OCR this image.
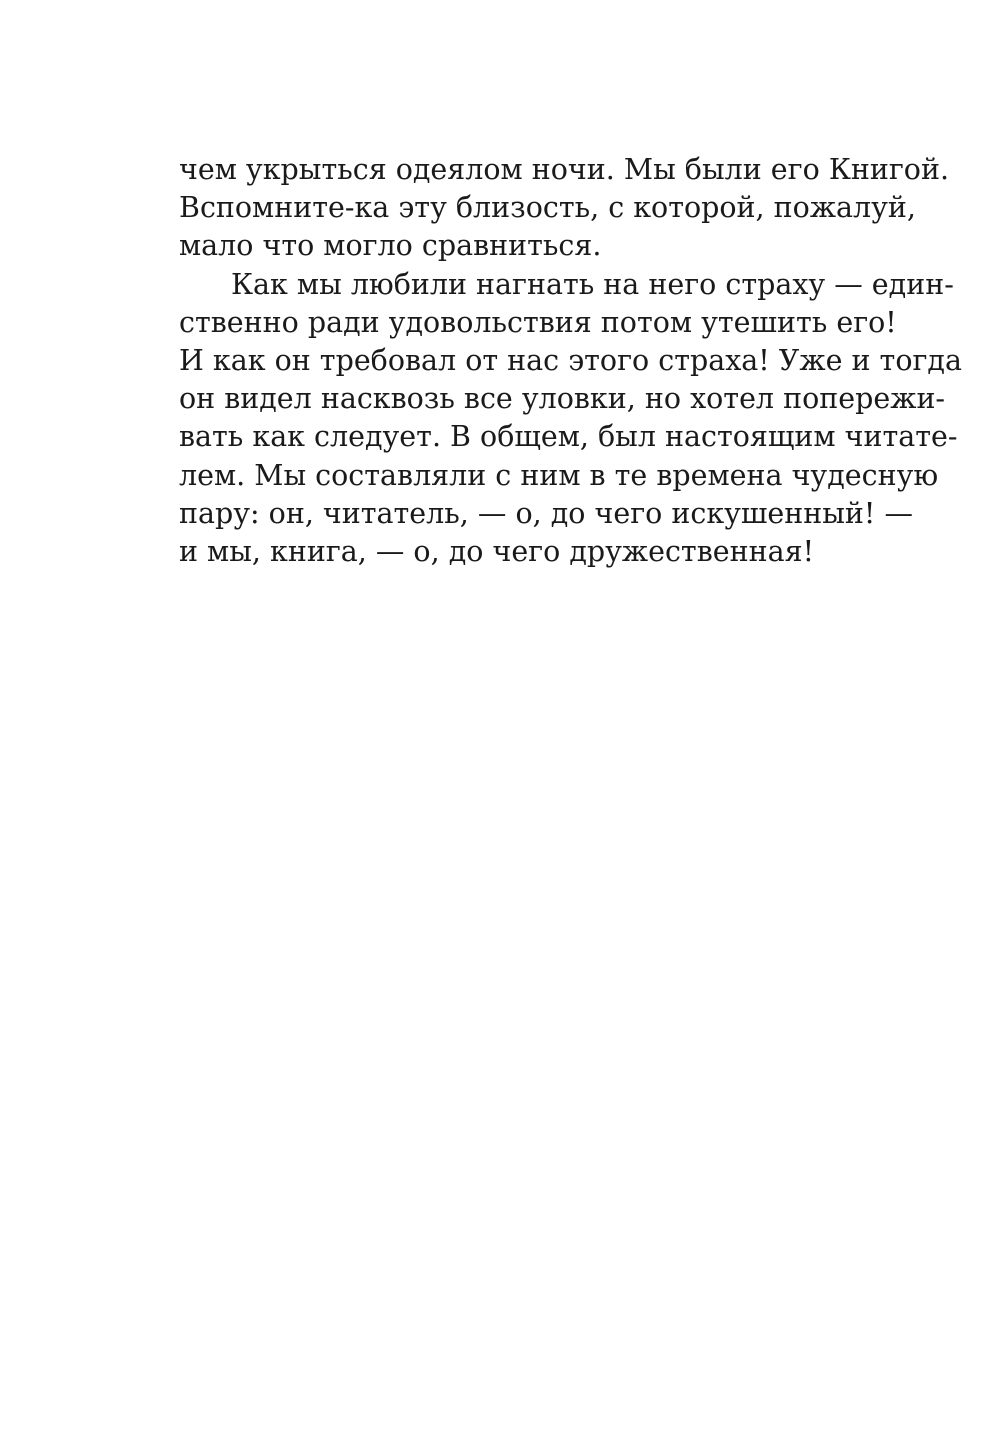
чем укрыться одеялом ночи. Мы были его Книгой.
Вспомните-ка эту близость, с которой, пожалуй,
мало что могло сравниться.
Как мы любили нагнать на него страху — един-
ственно ради удовольствия потом утешить его!
И как он требовал от нас этого страха! Уже и тогда
он видел насквозь все уловки, но хотел попережи-
вать как следует. В общем, был настоящим читате-
лем. Мы составляли с ним в те времена чудесную
пару: он, читатель, — о, до чего искушенный! —
и мы, книга, — о, до чего дружественная!
